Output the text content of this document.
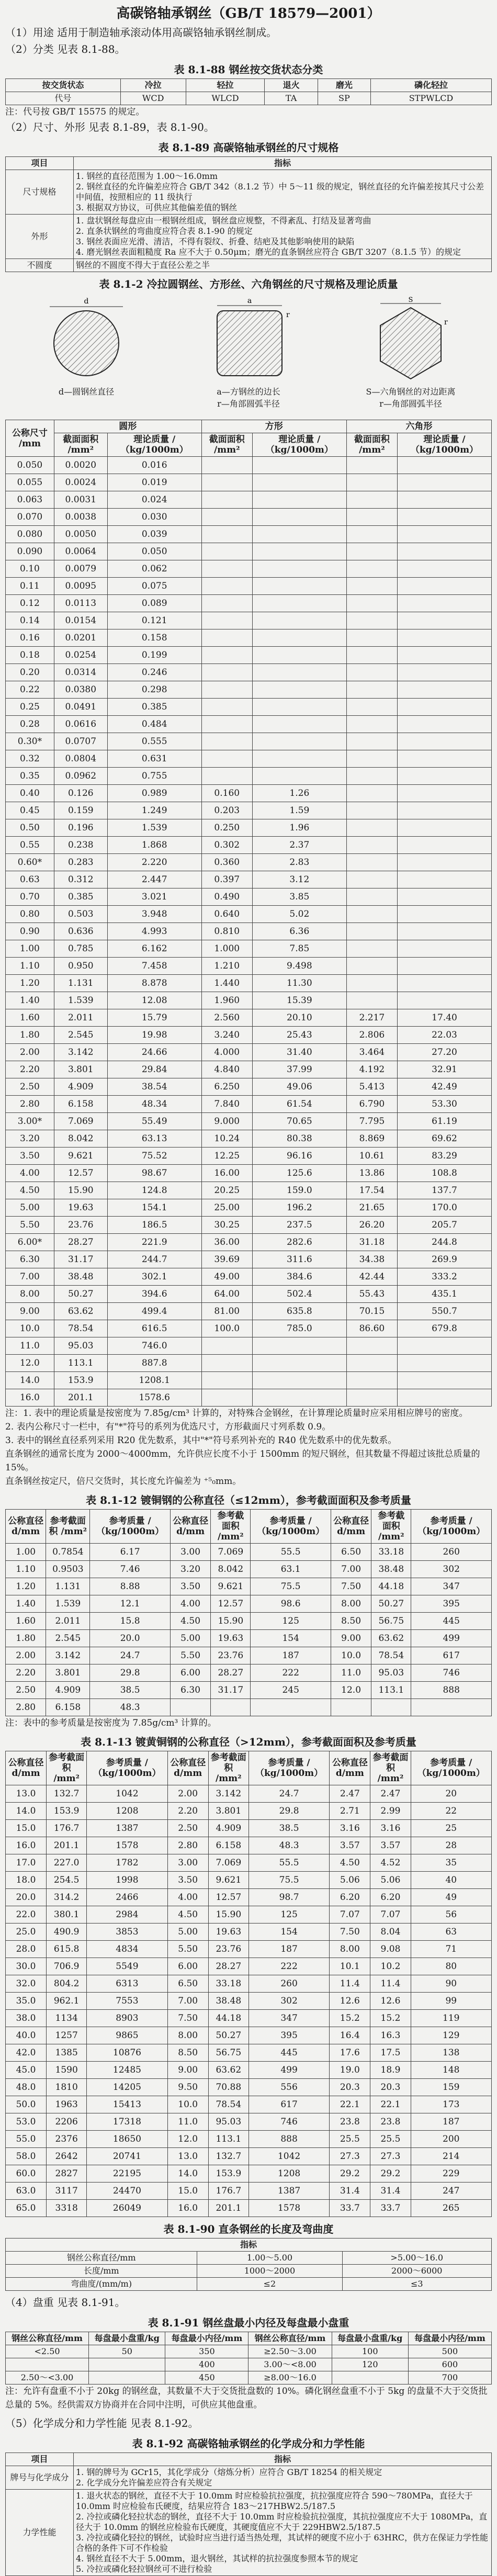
高碳铬轴承钢丝（GB/T 18579—2001）
（1）用途 适用于制造轴承滚动体用高碳铬轴承钢丝制成。
（2）分类 见表 8.1-88。
表 8.1-88 钢丝按交货状态分类
按交货状态	冷拉	轻拉	退火	磨光	磷化轻拉
代号	WCD	WLCD	TA	SP	STPWLCD
注：代号按 GB/T 15575 的规定。
（2）尺寸、外形 见表 8.1-89，表 8.1-90。
表 8.1-89 高碳铬轴承钢丝的尺寸规格
项目	指标
尺寸规格	1. 钢丝的直径范围为 1.00～16.0mm
2. 钢丝直径的允许偏差应符合 GB/T 342（8.1.2 节）中 5～11 级的规定，钢丝直径的允许偏差按其尺寸公差中间值，按照相应的 11 级执行
3. 根据双方协议，可供应其他偏差值的钢丝
外形	1. 盘状钢丝每盘应由一根钢丝组成，钢丝盘应规整，不得紊乱、打结及显著弯曲
2. 直条状钢丝的弯曲度应符合表 8.1-90 的规定
3. 钢丝表面应光滑、清洁，不得有裂纹、折叠、结疤及其他影响使用的缺陷
4. 磨光钢丝表面粗糙度 Ra 应不大于 0.50μm；磨光的直条钢丝应符合 GB/T 3207（8.1.5 节）的规定
不圆度	钢丝的不圆度不得大于直径公差之半
表 8.1-2 冷拉圆钢丝、方形丝、六角钢丝的尺寸规格及理论质量
d
d—圆钢丝直径
a
r
a—方钢丝的边长
r—角部圆弧半径
S
r
S—六角钢丝的对边距离
r—角部圆弧半径
公称尺寸 /mm	圆形		方形		六角形	
	截面面积 /mm²	理论质量 /（kg/1000m）	截面面积 /mm²	理论质量 /（kg/1000m）	截面面积 /mm²	理论质量 /（kg/1000m）
0.050	0.0020	0.016				
0.055	0.0024	0.019				
0.063	0.0031	0.024				
0.070	0.0038	0.030				
0.080	0.0050	0.039				
0.090	0.0064	0.050				
0.10	0.0079	0.062				
0.11	0.0095	0.075				
0.12	0.0113	0.089				
0.14	0.0154	0.121				
0.16	0.0201	0.158				
0.18	0.0254	0.199				
0.20	0.0314	0.246				
0.22	0.0380	0.298				
0.25	0.0491	0.385				
0.28	0.0616	0.484				
0.30*	0.0707	0.555				
0.32	0.0804	0.631				
0.35	0.0962	0.755				
0.40	0.126	0.989	0.160	1.26		
0.45	0.159	1.249	0.203	1.59		
0.50	0.196	1.539	0.250	1.96		
0.55	0.238	1.868	0.302	2.37		
0.60*	0.283	2.220	0.360	2.83		
0.63	0.312	2.447	0.397	3.12		
0.70	0.385	3.021	0.490	3.85		
0.80	0.503	3.948	0.640	5.02		
0.90	0.636	4.993	0.810	6.36		
1.00	0.785	6.162	1.000	7.85		
1.10	0.950	7.458	1.210	9.498		
1.20	1.131	8.878	1.440	11.30		
1.40	1.539	12.08	1.960	15.39		
1.60	2.011	15.79	2.560	20.10	2.217	17.40
1.80	2.545	19.98	3.240	25.43	2.806	22.03
2.00	3.142	24.66	4.000	31.40	3.464	27.20
2.20	3.801	29.84	4.840	37.99	4.192	32.91
2.50	4.909	38.54	6.250	49.06	5.413	42.49
2.80	6.158	48.34	7.840	61.54	6.790	53.30
3.00*	7.069	55.49	9.000	70.65	7.795	61.19
3.20	8.042	63.13	10.24	80.38	8.869	69.62
3.50	9.621	75.52	12.25	96.16	10.61	83.29
4.00	12.57	98.67	16.00	125.6	13.86	108.8
4.50	15.90	124.8	20.25	159.0	17.54	137.7
5.00	19.63	154.1	25.00	196.2	21.65	170.0
5.50	23.76	186.5	30.25	237.5	26.20	205.7
6.00*	28.27	221.9	36.00	282.6	31.18	244.8
6.30	31.17	244.7	39.69	311.6	34.38	269.9
7.00	38.48	302.1	49.00	384.6	42.44	333.2
8.00	50.27	394.6	64.00	502.4	55.43	435.1
9.00	63.62	499.4	81.00	635.8	70.15	550.7
10.0	78.54	616.5	100.0	785.0	86.60	679.8
11.0	95.03	746.0				
12.0	113.1	887.8				
14.0	153.9	1208.1				
16.0	201.1	1578.6				
注：1. 表中的理论质量是按密度为 7.85g/cm³ 计算的，对特殊合金钢丝，在计算理论质量时应采用相应牌号的密度。
2. 表内公称尺寸一栏中，有"*"符号的系列为优选尺寸，方形截面尺寸列系数 0.9。
3. 表中的钢丝直径系列采用 R20 优先数系，其中"*"符号系列补充的 R40 优先数系中的优先数系。
直条钢丝的通常长度为 2000～4000mm，允许供应长度不小于 1500mm 的短尺钢丝，但其数量不得超过该批总质量的 15%。
直条钢丝按定尺，倍尺交货时，其长度允许偏差为 ⁺⁵₀mm。
表 8.1-12 镀铜钢的公称直径（≤12mm），参考截面面积及参考质量
公称直径 d/mm	参考截面积 /mm²	参考质量 /（kg/1000m）	公称直径 d/mm	参考截面积 /mm²	参考质量 /（kg/1000m）	公称直径 d/mm	参考截面积 /mm²	参考质量 /（kg/1000m）
1.00	0.7854	6.17	3.00	7.069	55.5	6.50	33.18	260
1.10	0.9503	7.46	3.20	8.042	63.1	7.00	38.48	302
1.20	1.131	8.88	3.50	9.621	75.5	7.50	44.18	347
1.40	1.539	12.1	4.00	12.57	98.6	8.00	50.27	395
1.60	2.011	15.8	4.50	15.90	125	8.50	56.75	445
1.80	2.545	20.0	5.00	19.63	154	9.00	63.62	499
2.00	3.142	24.7	5.50	23.76	187	10.0	78.54	617
2.20	3.801	29.8	6.00	28.27	222	11.0	95.03	746
2.50	4.909	38.5	6.30	31.17	245	12.0	113.1	888
2.80	6.158	48.3						
注：表中的参考质量是按密度为 7.85g/cm³ 计算的。
表 8.1-13 镀黄铜钢的公称直径（>12mm），参考截面面积及参考质量
公称直径 d/mm	参考截面积 /mm²	参考质量 /（kg/1000m）	公称直径 d/mm	参考截面积 /mm²	参考质量 /（kg/1000m）	公称直径 d/mm	参考截面积 /mm²	参考质量 /（kg/1000m）
13.0	132.7	1042	2.00	3.142	24.7	2.47	2.47	20
14.0	153.9	1208	2.20	3.801	29.8	2.71	2.99	22
15.0	176.7	1387	2.50	4.909	38.5	3.16	3.16	25
16.0	201.1	1578	2.80	6.158	48.3	3.57	3.57	28
17.0	227.0	1782	3.00	7.069	55.5	4.50	4.52	35
18.0	254.5	1998	3.50	9.621	75.5	5.06	5.06	40
20.0	314.2	2466	4.00	12.57	98.7	6.20	6.20	49
22.0	380.1	2984	4.50	15.90	125	7.07	7.07	56
25.0	490.9	3853	5.00	19.63	154	7.50	8.04	63
28.0	615.8	4834	5.50	23.76	187	8.00	9.08	71
30.0	706.9	5549	6.00	28.27	222	10.1	10.2	80
32.0	804.2	6313	6.50	33.18	260	11.4	11.4	90
35.0	962.1	7553	7.00	38.48	302	12.6	12.6	99
38.0	1134	8903	7.50	44.18	347	15.2	15.2	119
40.0	1257	9865	8.00	50.27	395	16.4	16.3	129
42.0	1385	10876	8.50	56.75	445	17.6	17.5	138
45.0	1590	12485	9.00	63.62	499	19.0	18.9	148
48.0	1810	14205	9.50	70.88	556	20.3	20.3	159
50.0	1963	15413	10.0	78.54	617	22.1	22.1	173
53.0	2206	17318	11.0	95.03	746	23.8	23.8	187
55.0	2376	18650	12.0	113.1	888	25.5	25.5	200
58.0	2642	20741	13.0	132.7	1042	27.3	27.3	214
60.0	2827	22195	14.0	153.9	1208	29.2	29.2	229
63.0	3117	24470	15.0	176.7	1387	31.4	31.4	247
65.0	3318	26049	16.0	201.1	1578	33.7	33.7	265
表 8.1-90 直条钢丝的长度及弯曲度
指标		
钢丝公称直径/mm	1.00～5.00	>5.00～16.0
长度/mm	1000～2000	2000～6000
弯曲度/(mm/m)	≤2	≤3
（4）盘重 见表 8.1-91。
表 8.1-91 钢丝盘最小内径及每盘最小盘重
钢丝公称直径/mm	每盘最小盘重/kg	每盘最小内径/mm	钢丝公称直径/mm	每盘最小盘重/kg	每盘最小内径/mm
<2.50	50	350	≥2.50～3.00	100	500
		400	3.00～<8.00	120	600
2.50～<3.00		450	≥8.00～16.0		700
注：允许有盘重不小于 20kg 的钢丝盘，其数量不大于交货批盘数的 10%。磷化钢丝盘重不小于 5kg 的盘量不大于交货批总量的 5%。经供需双方协商并在合同中注明，可供应其他盘重。
（5）化学成分和力学性能 见表 8.1-92。
表 8.1-92 高碳铬轴承钢丝的化学成分和力学性能
项目	指标
牌号与化学成分	1. 钢的牌号为 GCr15，其化学成分（熔炼分析）应符合 GB/T 18254 的相关规定
2. 化学成分允许偏差应符合有关规定
力学性能	1. 退火状态的钢丝，直径不大于 10.0mm 时应检验抗拉强度，抗拉强度应符合 590～780MPa，直径大于 10.0mm 时应检验布氏硬度，结果应符合 183～217HBW2.5/187.5
2. 冷拉或磷化轻拉状态的钢丝，直径不大于 10.0mm 时应检验抗拉强度，其抗拉强度应不大于 1080MPa，直径大于 10.0mm 的钢丝应检验布氏硬度，其硬度值应不大于 229HBW2.5/187.5
3. 冷拉或磷化轻拉的钢丝，试验时应当进行适当热处理，其试样的硬度不应小于 63HRC，供方在保证力学性能合格的条件下可不作检验
4. 钢丝直径不大于 5.00mm，退火钢丝，其试样的抗拉强度参照本节的规定
5. 冷拉或磷化轻拉钢丝可不进行检验
